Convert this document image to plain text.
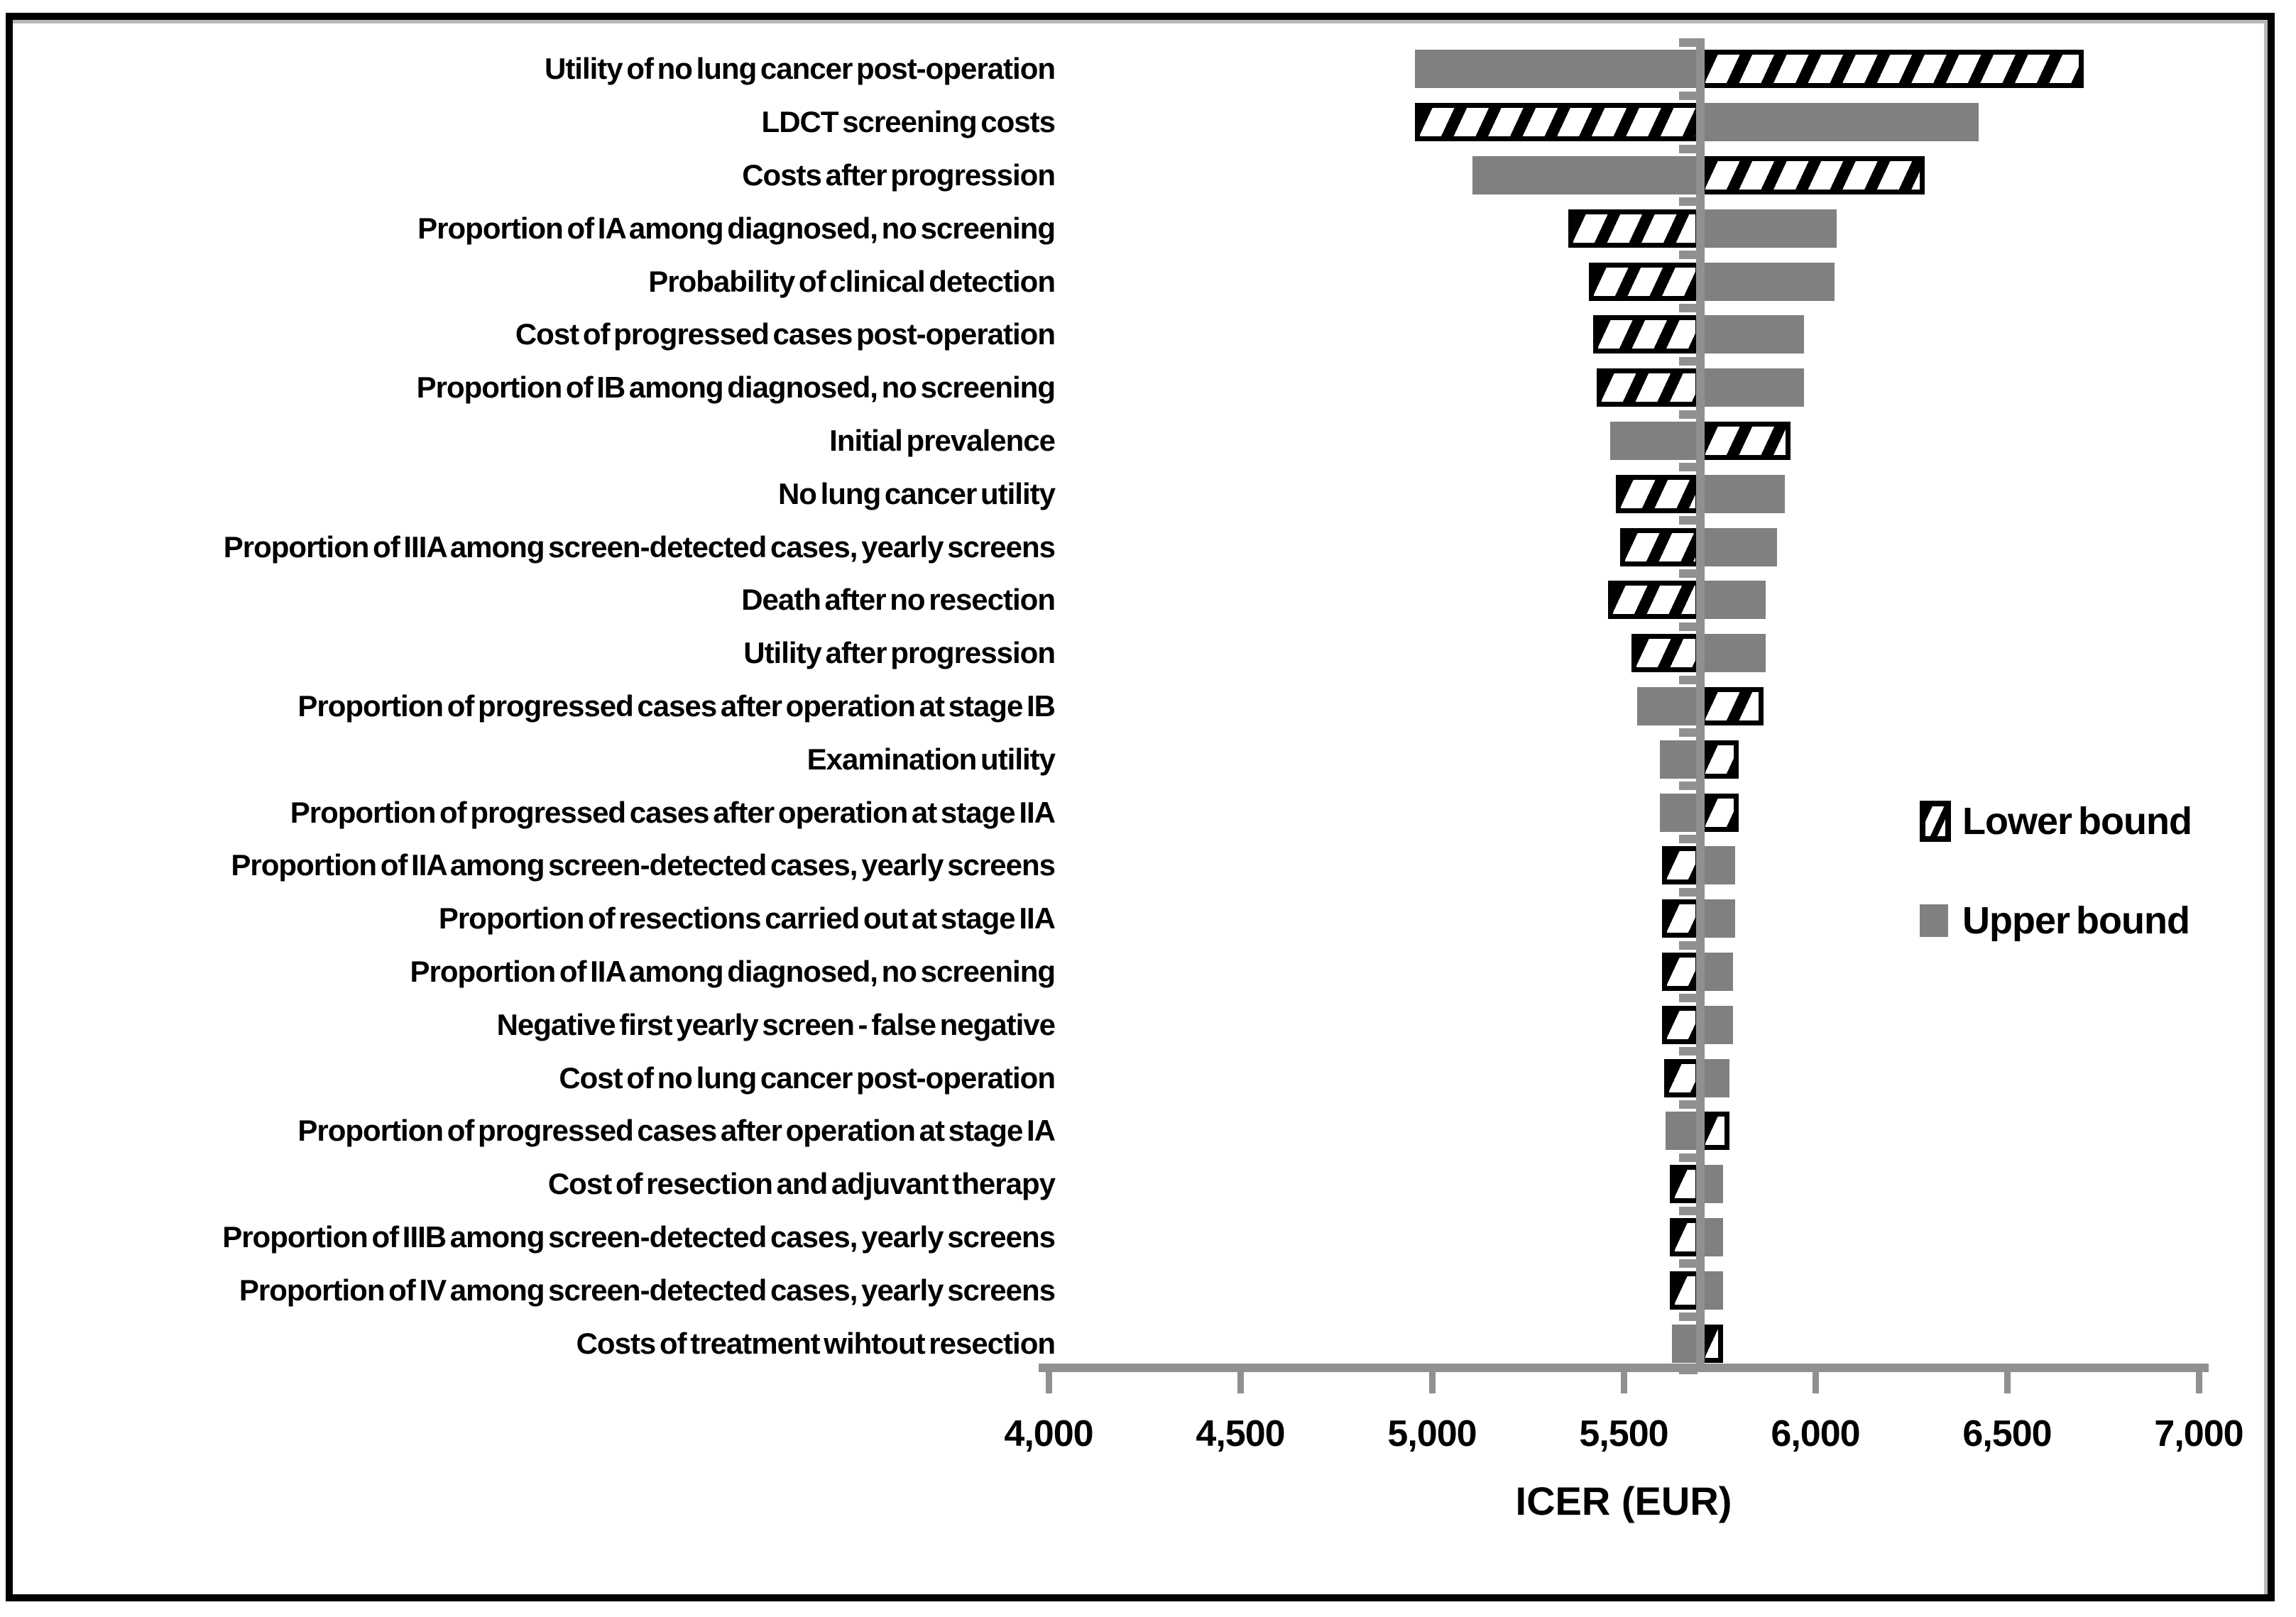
Utility of no lung cancer post-operation
LDCT screening costs
Costs after progression
Proportion of IA among diagnosed, no screening
Probability of clinical detection
Cost of progressed cases post-operation
Proportion of IB among diagnosed, no screening
Initial prevalence
No lung cancer utility
Proportion of IIIA among screen-detected cases, yearly screens
Death after no resection
Utility after progression
Proportion of progressed cases after operation at stage IB
Examination utility
Proportion of progressed cases after operation at stage IIA
Proportion of IIA among screen-detected cases, yearly screens
Proportion of resections carried out at stage IIA
Proportion of IIA among diagnosed, no screening
Negative first yearly screen - false negative
Cost of no lung cancer post-operation
Proportion of progressed cases after operation at stage IA
Cost of resection and adjuvant therapy
Proportion of IIIB among screen-detected cases, yearly screens
Proportion of IV among screen-detected cases, yearly screens
Costs of treatment wihtout resection
4,000	4,500	5,000	5,500	6,000	6,500	7,000
Lower bound
Upper bound
ICER (EUR)
